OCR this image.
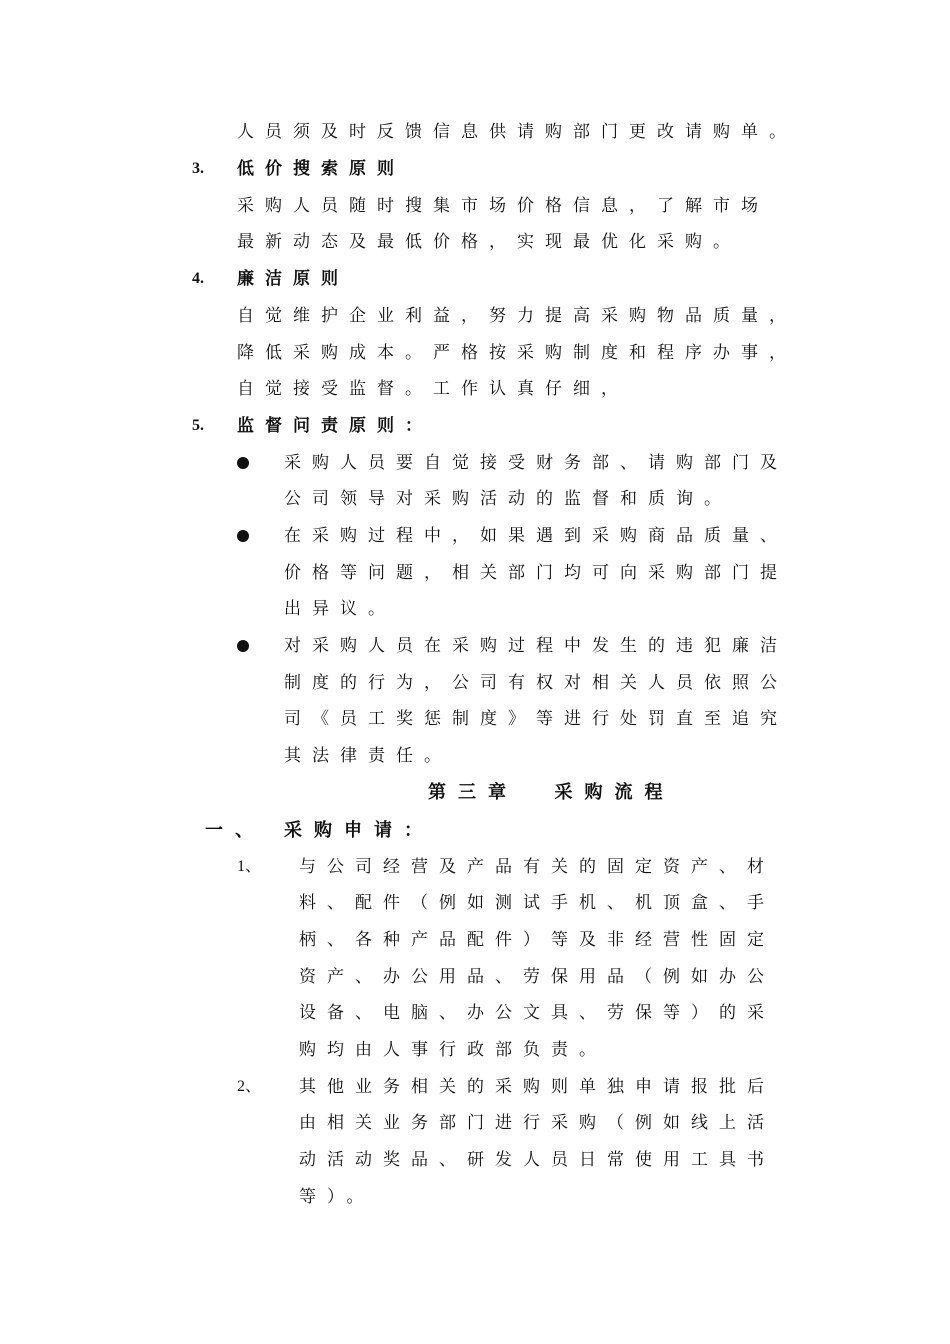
人员须及时反馈信息供请购部门更改请购单。
3. 低价搜索原则
采购人员随时搜集市场价格信息，了解市场
最新动态及最低价格，实现最优化采购。
4. 廉洁原则
自觉维护企业利益，努力提高采购物品质量，
降低采购成本。严格按采购制度和程序办事，
自觉接受监督。工作认真仔细，
5. 监督问责原则：
采购人员要自觉接受财务部、请购部门及
公司领导对采购活动的监督和质询。
在采购过程中，如果遇到采购商品质量、
价格等问题，相关部门均可向采购部门提
出异议。
对采购人员在采购过程中发生的违犯廉洁
制度的行为，公司有权对相关人员依照公
司《员工奖惩制度》等进行处罚直至追究
其法律责任。
第三章  采购流程
一、 采购申请：
1、 与公司经营及产品有关的固定资产、材
料、配件（例如测试手机、机顶盒、手
柄、各种产品配件）等及非经营性固定
资产、办公用品、劳保用品（例如办公
设备、电脑、办公文具、劳保等）的采
购均由人事行政部负责。
2、 其他业务相关的采购则单独申请报批后
由相关业务部门进行采购（例如线上活
动活动奖品、研发人员日常使用工具书
等）。
